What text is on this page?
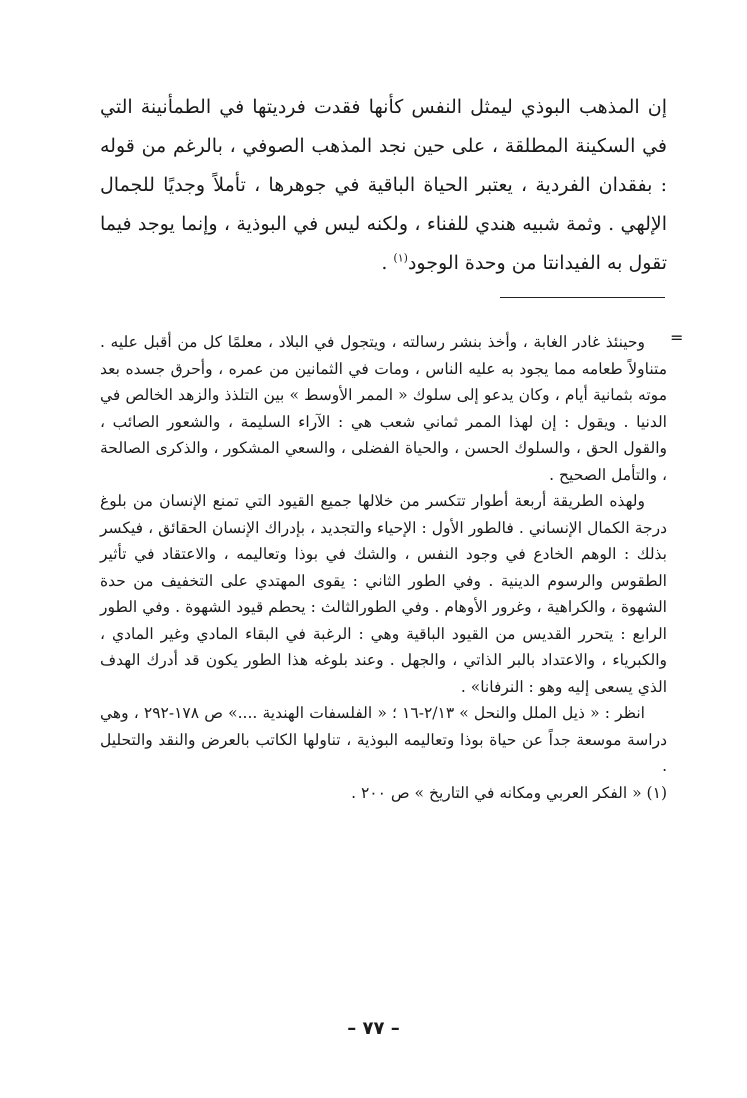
إن المذهب البوذي ليمثل النفس كأنها فقدت فرديتها في الطمأنينة التي في السكينة المطلقة ، على حين نجد المذهب الصوفي ، بالرغم من قوله : بفقدان الفردية ، يعتبر الحياة الباقية في جوهرها ، تأملاً وجديًا للجمال الإلهي . وثمة شبيه هندي للفناء ، ولكنه ليس في البوذية ، وإنما يوجد فيما تقول به الفيدانتا من وحدة الوجود$^{(١)}$ .

=

وحينئذ غادر الغابة ، وأخذ بنشر رسالته ، ويتجول في البلاد ، معلمًا كل من أقبل عليه . متناولاً طعامه مما يجود به عليه الناس ، ومات في الثمانين من عمره ، وأحرق جسده بعد موته بثمانية أيام ، وكان يدعو إلى سلوك « الممر الأوسط » بين التلذذ والزهد الخالص في الدنيا . ويقول : إن لهذا الممر ثماني شعب هي : الآراء السليمة ، والشعور الصائب ، والقول الحق ، والسلوك الحسن ، والحياة الفضلى ، والسعي المشكور ، والذكرى الصالحة ، والتأمل الصحيح .

ولهذه الطريقة أربعة أطوار تتكسر من خلالها جميع القيود التي تمنع الإنسان من بلوغ درجة الكمال الإنساني . فالطور الأول : الإحياء والتجديد ، بإدراك الإنسان الحقائق ، فيكسر بذلك : الوهم الخادع في وجود النفس ، والشك في بوذا وتعاليمه ، والاعتقاد في تأثير الطقوس والرسوم الدينية . وفي الطور الثاني : يقوى المهتدي على التخفيف من حدة الشهوة ، والكراهية ، وغرور الأوهام . وفي الطورالثالث : يحطم قيود الشهوة . وفي الطور الرابع : يتحرر القديس من القيود الباقية وهي : الرغبة في البقاء المادي وغير المادي ، والكبرياء ، والاعتداد بالبر الذاتي ، والجهل . وعند بلوغه هذا الطور يكون قد أدرك الهدف الذي يسعى إليه وهو : النرفانا» .

انظر : « ذيل الملل والنحل » ٢/١٣-١٦ ؛ « الفلسفات الهندية ....» ص ١٧٨-٢٩٢ ، وهي دراسة موسعة جداً عن حياة بوذا وتعاليمه البوذية ، تناولها الكاتب بالعرض والنقد والتحليل .

(١) « الفكر العربي ومكانه في التاريخ » ص ٢٠٠ .

– ٧٧ –
